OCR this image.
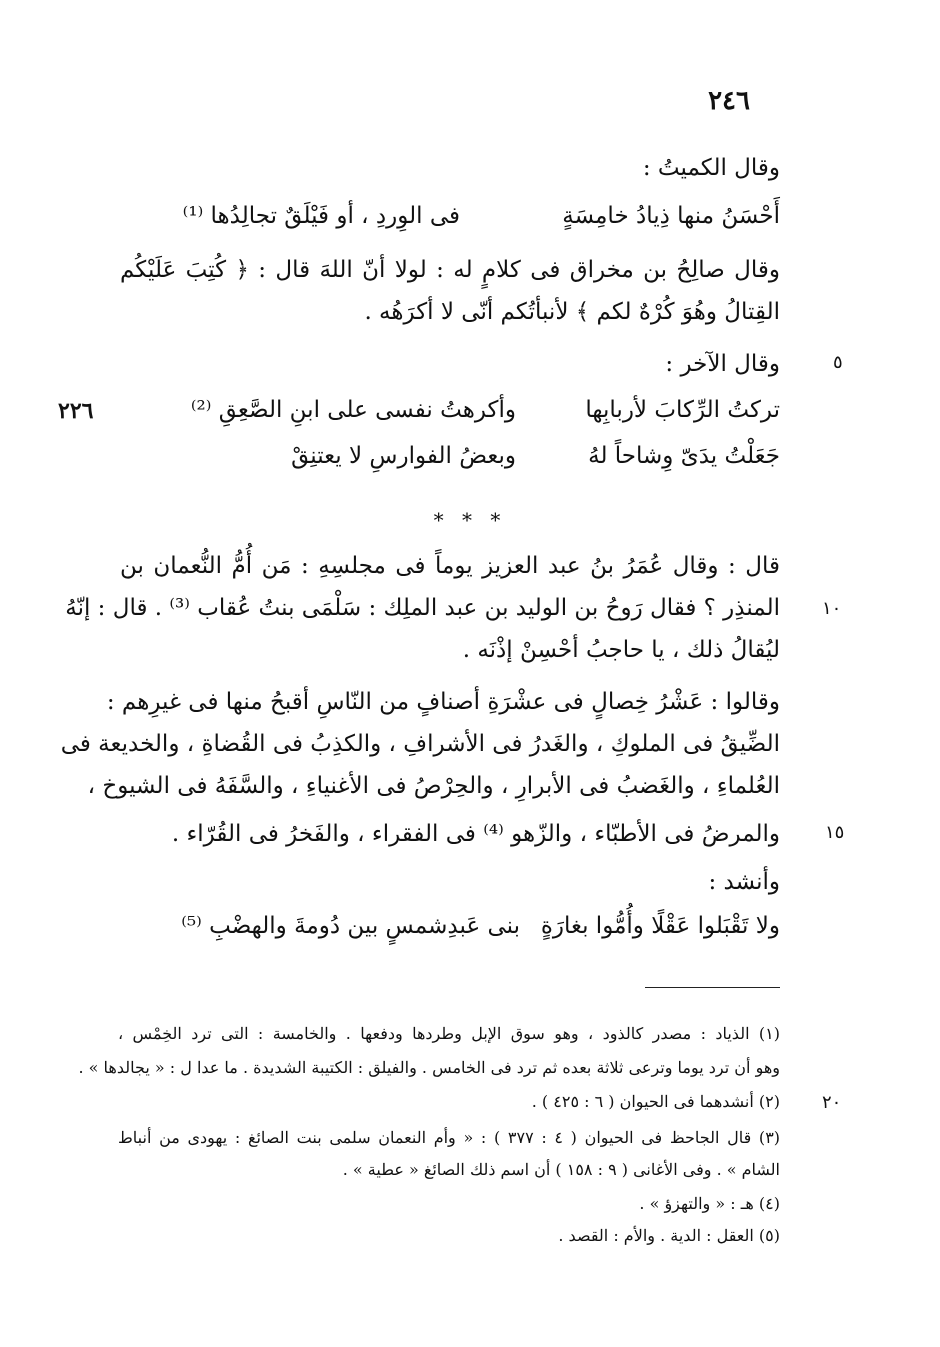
٢٤٦
وقال الكميتُ :
أَحْسَنُ منها ذِيادُ خامِسَةٍ
فى الوِردِ ، أو فَيْلَقٌ تجالِدُها ⁽¹⁾
وقال صالِحُ بن مخراق فى كلامٍ له : لولا أنّ اللهَ قال : ﴿ كُتِبَ عَلَيْكُم
القِتالُ وهُوَ كُرْهٌ لكم ﴾ لأنبأتُكم أنّى لا أكرَهُه .
وقال الآخر :	٥
تركتُ الرِّكابَ لأربابِها
وأكرهتُ نفسى على ابنِ الصَّعِقِ ⁽²⁾
٢٢٦
جَعَلْتُ يدَىّ وِشاحاً لهُ
وبعضُ الفوارسِ لا يعتنِقْ
* * *
قال : وقال عُمَرُ بنُ عبد العزيز يوماً فى مجلسِهِ : مَن أُمُّ النُّعمان بن
المنذِر ؟ فقال رَوحُ بن الوليد بن عبد الملِك : سَلْمَى بنتُ عُقاب ⁽³⁾ . قال : إنّهُ ١٠
ليُقالُ ذلك ، يا حاجبُ أحْسِنْ إذْنَه .
وقالوا : عَشْرُ خِصالٍ فى عشْرَةِ أصنافٍ من النّاسِ أقبحُ منها فى غيرِهم :
الضِّيقُ فى الملوكِ ، والغَدرُ فى الأشرافِ ، والكذِبُ فى القُضاةِ ، والخديعة فى
العُلماءِ ، والغَضبُ فى الأبرارِ ، والحِرْصُ فى الأغنياءِ ، والسَّفَهُ فى الشيوخ ،
والمرضُ فى الأطبّاء ، والزّهو ⁽⁴⁾ فى الفقراء ، والفَخرُ فى القُرّاء .	١٥
وأنشد :
ولا تَقْبَلوا عَقْلًا وأُمُّوا بغارَةٍ
بنى عَبدِشمسٍ بين دُومةَ والهضْبِ ⁽⁵⁾
(١) الذياد : مصدر كالذود ، وهو سوق الإبل وطردها ودفعها . والخامسة : التى ترد الخِمْس ،
وهو أن ترد يوما وترعى ثلاثة بعده ثم ترد فى الخامس . والفيلق : الكتيبة الشديدة . ما عدا ل : « يجالدها » .
(٢) أنشدهما فى الحيوان ( ٦ : ٤٢٥ ) . ٢٠
(٣) قال الجاحظ فى الحيوان ( ٤ : ٣٧٧ ) : « وأم النعمان سلمى بنت الصائغ : يهودى من أنباط
الشام » . وفى الأغانى ( ٩ : ١٥٨ ) أن اسم ذلك الصائغ « عطية » .
(٤) هـ : « والتهزؤ » .
(٥) العقل : الدية . والأم : القصد .
